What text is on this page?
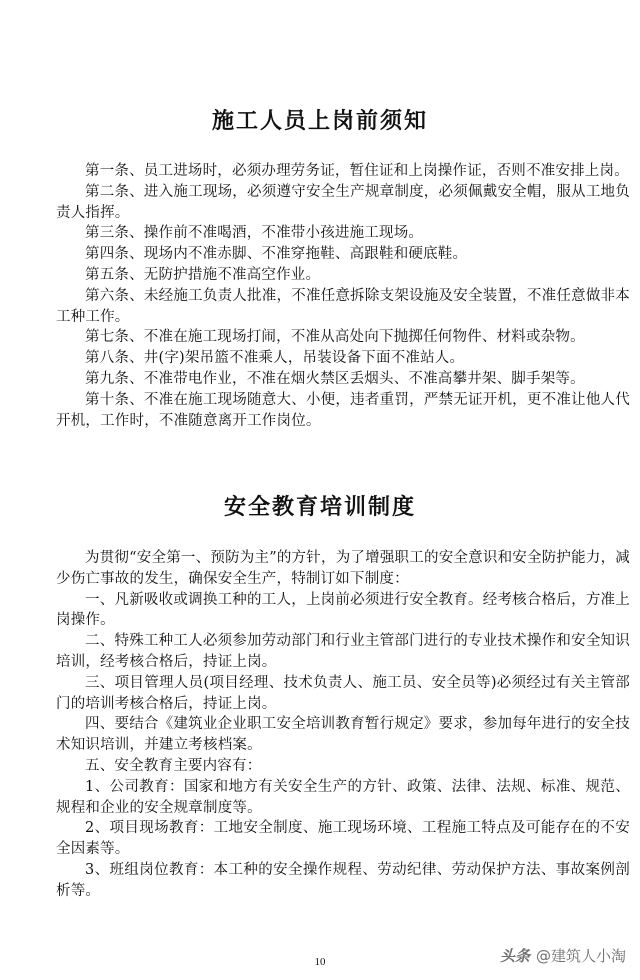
施工人员上岗前须知

第一条、员工进场时，必须办理劳务证，暂住证和上岗操作证，否则不准安排上岗。

第二条、进入施工现场，必须遵守安全生产规章制度，必须佩戴安全帽，服从工地负责人指挥。

第三条、操作前不准喝酒，不准带小孩进施工现场。

第四条、现场内不准赤脚、不准穿拖鞋、高跟鞋和硬底鞋。

第五条、无防护措施不准高空作业。

第六条、未经施工负责人批准，不准任意拆除支架设施及安全装置，不准任意做非本工种工作。

第七条、不准在施工现场打闹，不准从高处向下抛掷任何物件、材料或杂物。

第八条、井(字)架吊篮不准乘人，吊装设备下面不准站人。

第九条、不准带电作业，不准在烟火禁区丢烟头、不准高攀井架、脚手架等。

第十条、不准在施工现场随意大、小便，违者重罚，严禁无证开机，更不准让他人代开机，工作时，不准随意离开工作岗位。

安全教育培训制度

为贯彻“安全第一、预防为主”的方针，为了增强职工的安全意识和安全防护能力，减少伤亡事故的发生，确保安全生产，特制订如下制度：

一、凡新吸收或调换工种的工人，上岗前必须进行安全教育。经考核合格后，方准上岗操作。

二、特殊工种工人必须参加劳动部门和行业主管部门进行的专业技术操作和安全知识培训，经考核合格后，持证上岗。

三、项目管理人员(项目经理、技术负责人、施工员、安全员等)必须经过有关主管部门的培训考核合格后，持证上岗。

四、要结合《建筑业企业职工安全培训教育暂行规定》要求，参加每年进行的安全技术知识培训，并建立考核档案。

五、安全教育主要内容有：

1、公司教育：国家和地方有关安全生产的方针、政策、法律、法规、标准、规范、规程和企业的安全规章制度等。

2、项目现场教育：工地安全制度、施工现场环境、工程施工特点及可能存在的不安全因素等。

3、班组岗位教育：本工种的安全操作规程、劳动纪律、劳动保护方法、事故案例剖析等。

10	头条 @建筑人小淘
